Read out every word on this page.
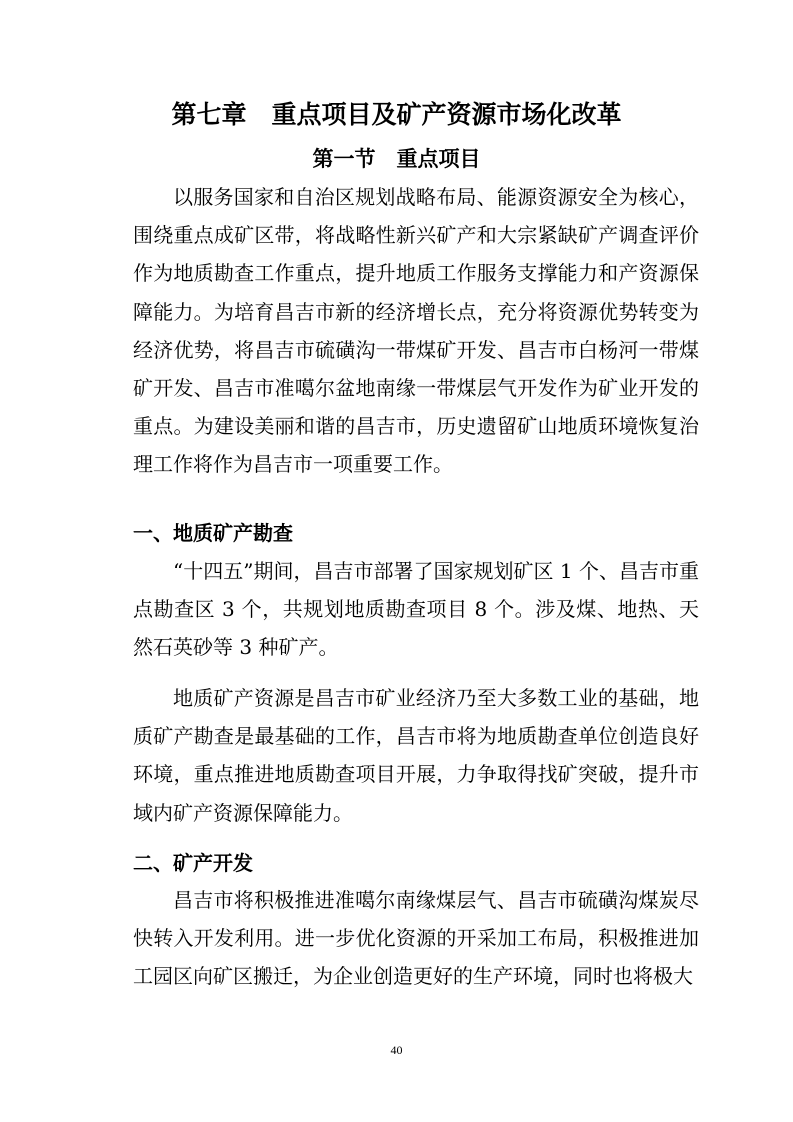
第七章　重点项目及矿产资源市场化改革
第一节　重点项目

以服务国家和自治区规划战略布局、能源资源安全为核心，围绕重点成矿区带，将战略性新兴矿产和大宗紧缺矿产调查评价作为地质勘查工作重点，提升地质工作服务支撑能力和产资源保障能力。为培育昌吉市新的经济增长点，充分将资源优势转变为经济优势，将昌吉市硫磺沟一带煤矿开发、昌吉市白杨河一带煤矿开发、昌吉市准噶尔盆地南缘一带煤层气开发作为矿业开发的重点。为建设美丽和谐的昌吉市，历史遗留矿山地质环境恢复治理工作将作为昌吉市一项重要工作。

一、地质矿产勘查

“十四五”期间，昌吉市部署了国家规划矿区 1 个、昌吉市重点勘查区 3 个，共规划地质勘查项目 8 个。涉及煤、地热、天然石英砂等 3 种矿产。

地质矿产资源是昌吉市矿业经济乃至大多数工业的基础，地质矿产勘查是最基础的工作，昌吉市将为地质勘查单位创造良好环境，重点推进地质勘查项目开展，力争取得找矿突破，提升市域内矿产资源保障能力。

二、矿产开发

昌吉市将积极推进准噶尔南缘煤层气、昌吉市硫磺沟煤炭尽快转入开发利用。进一步优化资源的开采加工布局，积极推进加工园区向矿区搬迁，为企业创造更好的生产环境，同时也将极大

40
